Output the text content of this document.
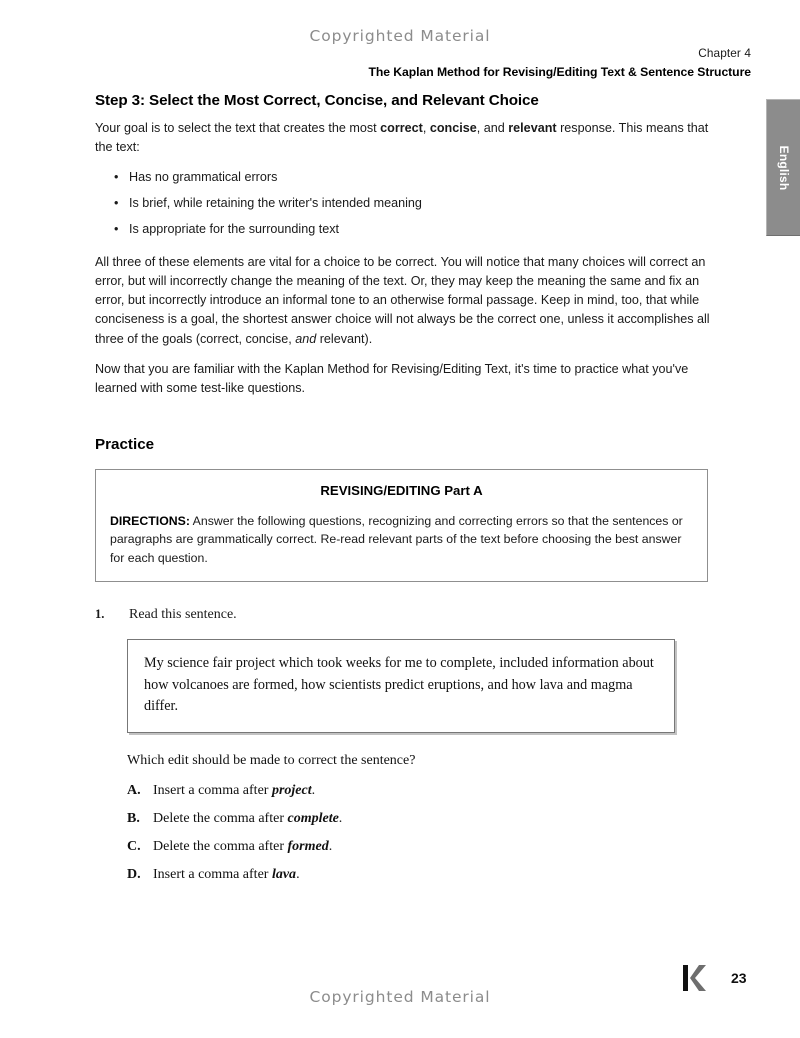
Copyrighted Material
Chapter 4
The Kaplan Method for Revising/Editing Text & Sentence Structure
English
Step 3: Select the Most Correct, Concise, and Relevant Choice

Your goal is to select the text that creates the most correct, concise, and relevant response. This means that the text:

• Has no grammatical errors
• Is brief, while retaining the writer's intended meaning
• Is appropriate for the surrounding text

All three of these elements are vital for a choice to be correct. You will notice that many choices will correct an error, but will incorrectly change the meaning of the text. Or, they may keep the meaning the same and fix an error, but incorrectly introduce an informal tone to an otherwise formal passage. Keep in mind, too, that while conciseness is a goal, the shortest answer choice will not always be the correct one, unless it accomplishes all three of the goals (correct, concise, and relevant).

Now that you are familiar with the Kaplan Method for Revising/Editing Text, it's time to practice what you've learned with some test-like questions.

Practice
REVISING/EDITING Part A
DIRECTIONS: Answer the following questions, recognizing and correcting errors so that the sentences or paragraphs are grammatically correct. Re-read relevant parts of the text before choosing the best answer for each question.
1.	Read this sentence.
My science fair project which took weeks for me to complete, included information about how volcanoes are formed, how scientists predict eruptions, and how lava and magma differ.
Which edit should be made to correct the sentence?
A. Insert a comma after project.
B. Delete the comma after complete.
C. Delete the comma after formed.
D. Insert a comma after lava.
23
Copyrighted Material
